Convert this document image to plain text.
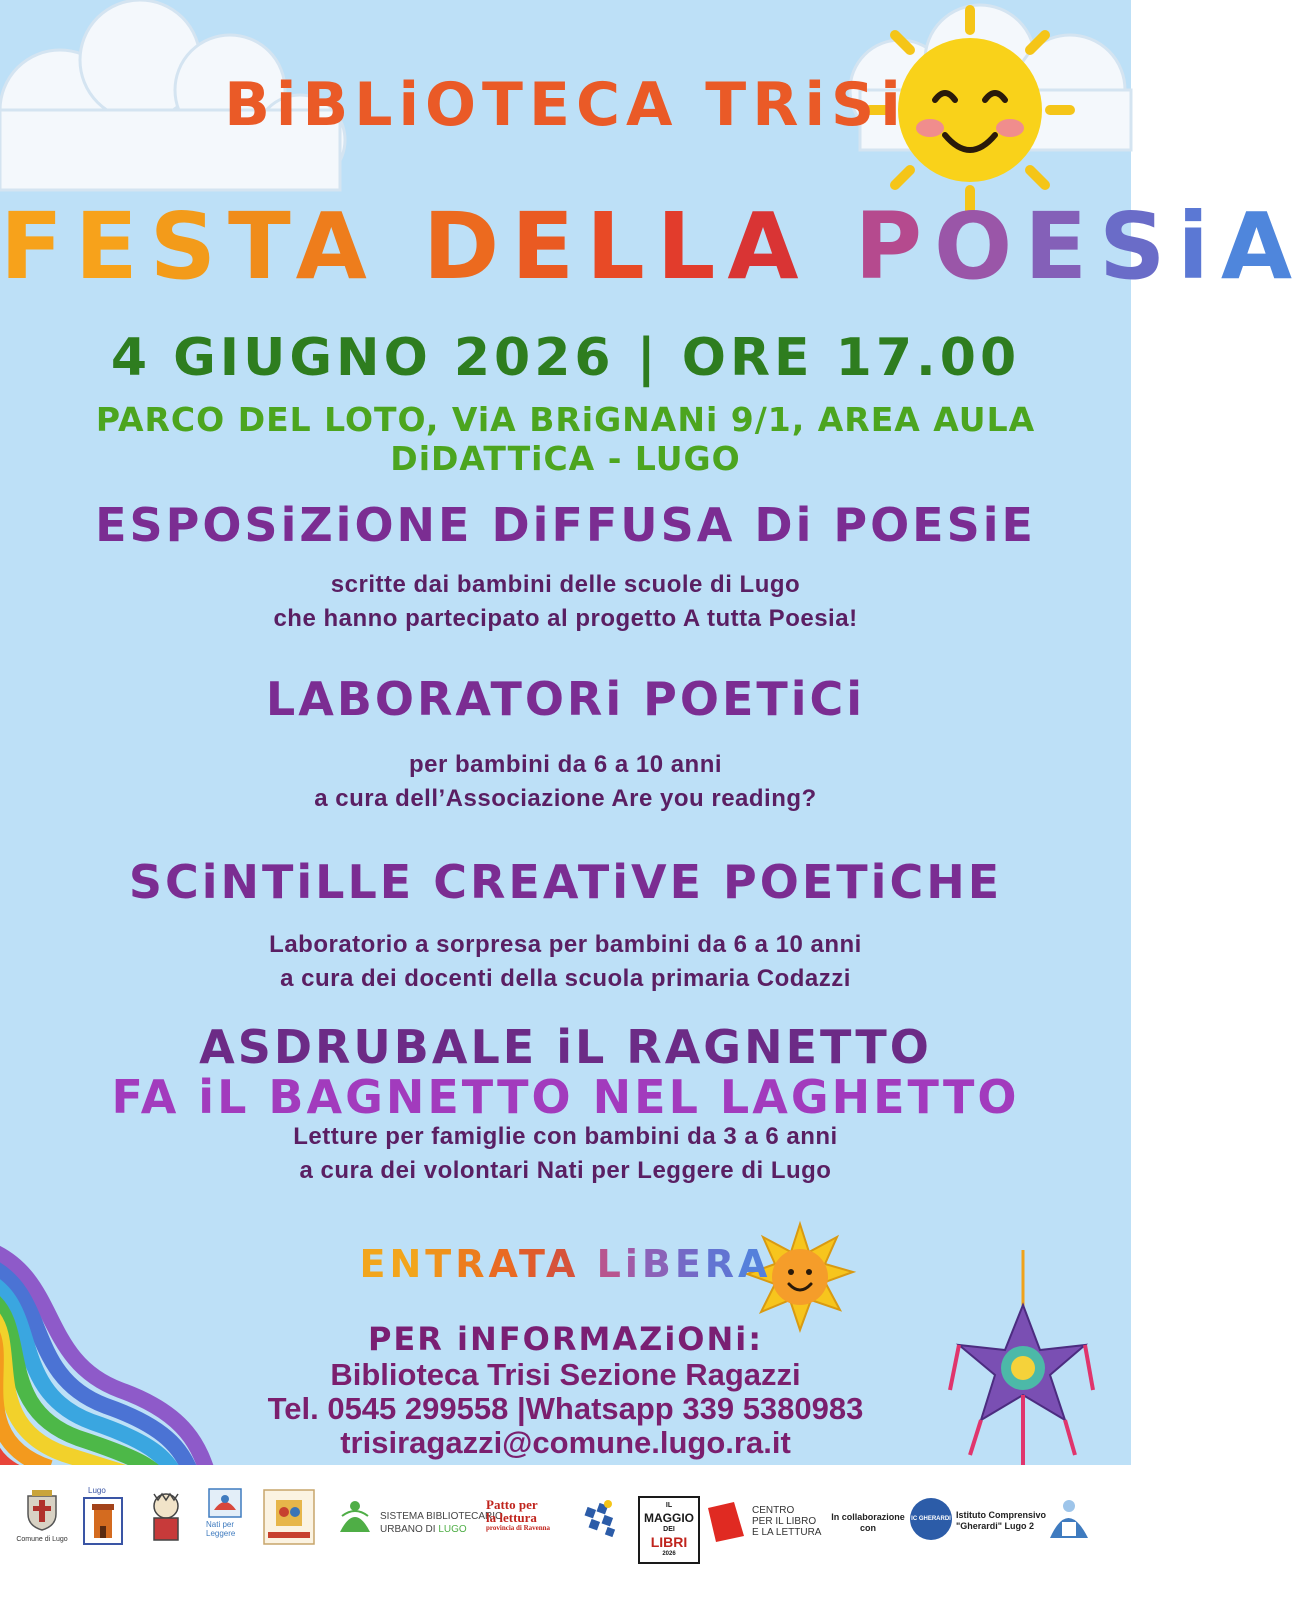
BiBLiOTECA TRiSi
FESTA DELLA POESiA
4 GIUGNO 2026 | ORE 17.00
PARCO DEL LOTO, ViA BRiGNANi 9/1, AREA AULA DiDATTiCA - LUGO
ESPOSiZiONE DiFFUSA Di POESiE
scritte dai bambini delle scuole di Lugo
che hanno partecipato al progetto A tutta Poesia!
LABORATORi POETiCi
per bambini da 6 a 10 anni
a cura dell’Associazione Are you reading?
SCiNTiLLE CREATiVE POETiCHE
Laboratorio a sorpresa per bambini da 6 a 10 anni
a cura dei docenti della scuola primaria Codazzi
ASDRUBALE iL RAGNETTO
FA iL BAGNETTO NEL LAGHETTO
Letture per famiglie con bambini da 3 a 6 anni
a cura dei volontari Nati per Leggere di Lugo
ENTRATA LiBERA
PER iNFORMAZiONi:
Biblioteca Trisi Sezione Ragazzi
Tel. 0545 299558 |Whatsapp 339 5380983
trisiragazzi@comune.lugo.ra.it
Comune di Lugo
Lugo
Nati per Leggere
SISTEMA BIBLIOTECARIO
URBANO DI LUGO
Patto per
la lettura
provincia di Ravenna
IL
MAGGIO
DEI
LIBRI
2026
CENTRO
PER IL LIBRO
E LA LETTURA
In collaborazione
con
IC GHERARDI Istituto Comprensivo
"Gherardi" Lugo 2
